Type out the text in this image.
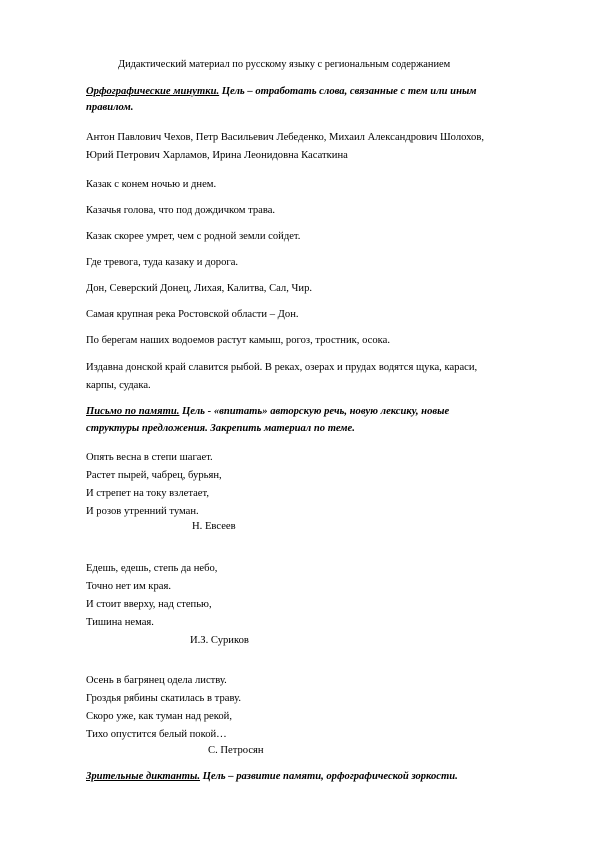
Дидактический материал по русскому языку с региональным содержанием

Орфографические минутки. Цель – отработать слова, связанные с тем или иным

правилом.

Антон Павлович Чехов, Петр Васильевич Лебеденко, Михаил Александрович Шолохов,

Юрий Петрович Харламов, Ирина Леонидовна Касаткина

Казак с конем ночью и днем.

Казачья голова, что под дождичком трава.

Казак скорее умрет, чем с родной земли сойдет.

Где тревога, туда казаку и дорога.

Дон, Северский Донец, Лихая, Калитва, Сал, Чир.

Самая крупная река Ростовской области – Дон.

По берегам наших водоемов растут камыш, рогоз, тростник, осока.

Издавна донской край славится рыбой. В реках, озерах и прудах водятся щука, караси,

карпы, судака.

Письмо по памяти. Цель - «впитать» авторскую речь, новую лексику, новые

структуры предложения. Закрепить материал по теме.

Опять весна в степи шагает.

Растет пырей, чабрец, бурьян,

И стрепет на току взлетает,

И розов утренний туман.

Н. Евсеев

Едешь, едешь, степь да небо,

Точно нет им края.

И стоит вверху, над степью,

Тишина немая.

И.З. Суриков

Осень в багрянец одела листву.

Гроздья рябины скатилась в траву.

Скоро уже, как туман над рекой,

Тихо опустится белый покой…

С. Петросян

Зрительные диктанты. Цель – развитие памяти, орфографической зоркости.
